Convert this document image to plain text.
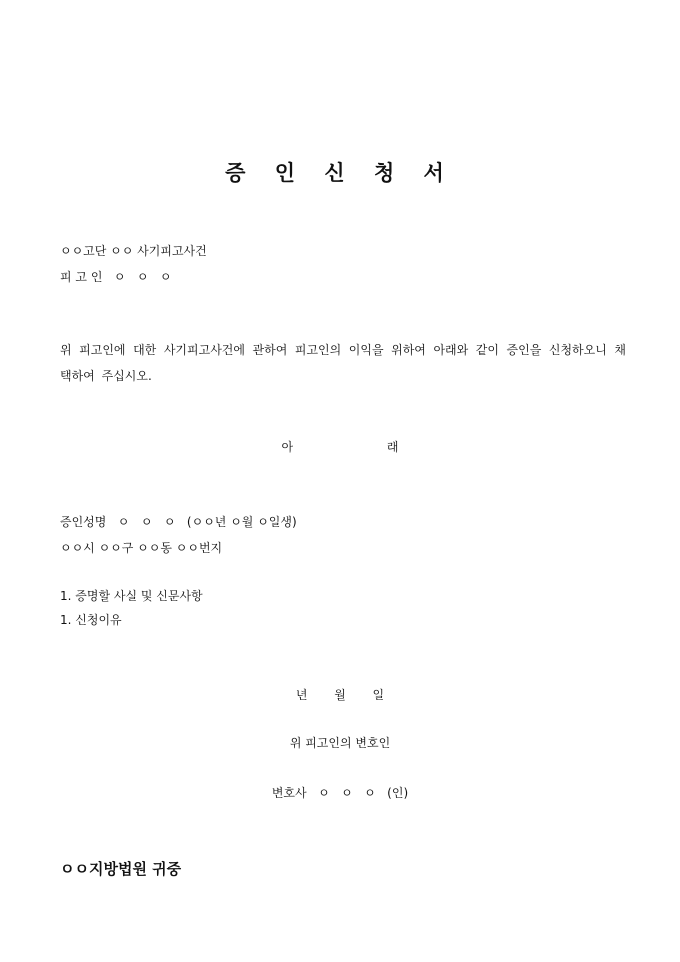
증 인 신 청 서
ㅇㅇ고단 ㅇㅇ 사기피고사건
피 고 인   ㅇ   ㅇ   ㅇ
위 피고인에 대한 사기피고사건에 관하여 피고인의 이익을 위하여 아래와 같이 증인을 신청하오니 채택하여 주십시오.
아 래
증인성명   ㅇ   ㅇ   ㅇ   (ㅇㅇ년 ㅇ월 ㅇ일생)
ㅇㅇ시 ㅇㅇ구 ㅇㅇ동 ㅇㅇ번지
1. 증명할 사실 및 신문사항
1. 신청이유
년       월       일
위 피고인의 변호인
변호사   ㅇ   ㅇ   ㅇ   (인)
ㅇㅇ지방법원 귀중
